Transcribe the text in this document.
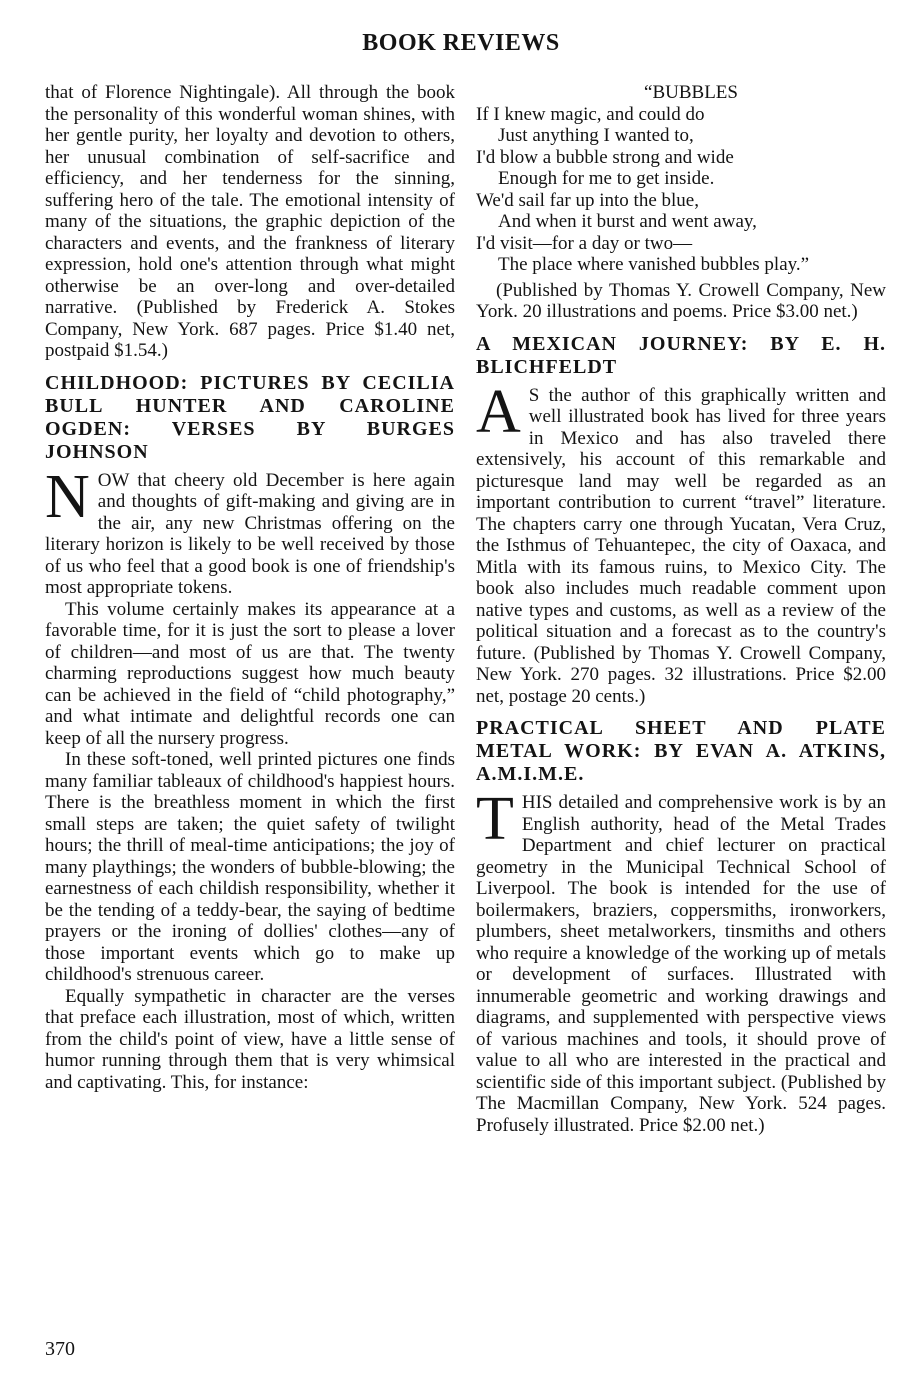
BOOK REVIEWS

that of Florence Nightingale). All through the book the personality of this wonderful woman shines, with her gentle purity, her loyalty and devotion to others, her unusual combination of self-sacrifice and efficiency, and her tenderness for the sinning, suffering hero of the tale. The emotional intensity of many of the situations, the graphic depiction of the characters and events, and the frankness of literary expression, hold one's attention through what might otherwise be an over-long and over-detailed narrative. (Published by Frederick A. Stokes Company, New York. 687 pages. Price $1.40 net, postpaid $1.54.)

CHILDHOOD: PICTURES BY CECILIA BULL HUNTER AND CAROLINE OGDEN: VERSES BY BURGES JOHNSON

NOW that cheery old December is here again and thoughts of gift-making and giving are in the air, any new Christmas offering on the literary horizon is likely to be well received by those of us who feel that a good book is one of friendship's most appropriate tokens.

This volume certainly makes its appearance at a favorable time, for it is just the sort to please a lover of children—and most of us are that. The twenty charming reproductions suggest how much beauty can be achieved in the field of “child photography,” and what intimate and delightful records one can keep of all the nursery progress.

In these soft-toned, well printed pictures one finds many familiar tableaux of childhood's happiest hours. There is the breathless moment in which the first small steps are taken; the quiet safety of twilight hours; the thrill of meal-time anticipations; the joy of many playthings; the wonders of bubble-blowing; the earnestness of each childish responsibility, whether it be the tending of a teddy-bear, the saying of bedtime prayers or the ironing of dollies' clothes—any of those important events which go to make up childhood's strenuous career.

Equally sympathetic in character are the verses that preface each illustration, most of which, written from the child's point of view, have a little sense of humor running through them that is very whimsical and captivating. This, for instance:

“BUBBLES

If I knew magic, and could do
Just anything I wanted to,
I'd blow a bubble strong and wide
Enough for me to get inside.
We'd sail far up into the blue,
And when it burst and went away,
I'd visit—for a day or two—
The place where vanished bubbles play.”

(Published by Thomas Y. Crowell Company, New York. 20 illustrations and poems. Price $3.00 net.)

A MEXICAN JOURNEY: BY E. H. BLICHFELDT

A S the author of this graphically written and well illustrated book has lived for three years in Mexico and has also traveled there extensively, his account of this remarkable and picturesque land may well be regarded as an important contribution to current “travel” literature. The chapters carry one through Yucatan, Vera Cruz, the Isthmus of Tehuantepec, the city of Oaxaca, and Mitla with its famous ruins, to Mexico City. The book also includes much readable comment upon native types and customs, as well as a review of the political situation and a forecast as to the country's future. (Published by Thomas Y. Crowell Company, New York. 270 pages. 32 illustrations. Price $2.00 net, postage 20 cents.)

PRACTICAL SHEET AND PLATE METAL WORK: BY EVAN A. ATKINS, A.M.I.M.E.

THIS detailed and comprehensive work is by an English authority, head of the Metal Trades Department and chief lecturer on practical geometry in the Municipal Technical School of Liverpool. The book is intended for the use of boilermakers, braziers, coppersmiths, ironworkers, plumbers, sheet metalworkers, tinsmiths and others who require a knowledge of the working up of metals or development of surfaces. Illustrated with innumerable geometric and working drawings and diagrams, and supplemented with perspective views of various machines and tools, it should prove of value to all who are interested in the practical and scientific side of this important subject. (Published by The Macmillan Company, New York. 524 pages. Profusely illustrated. Price $2.00 net.)

370
